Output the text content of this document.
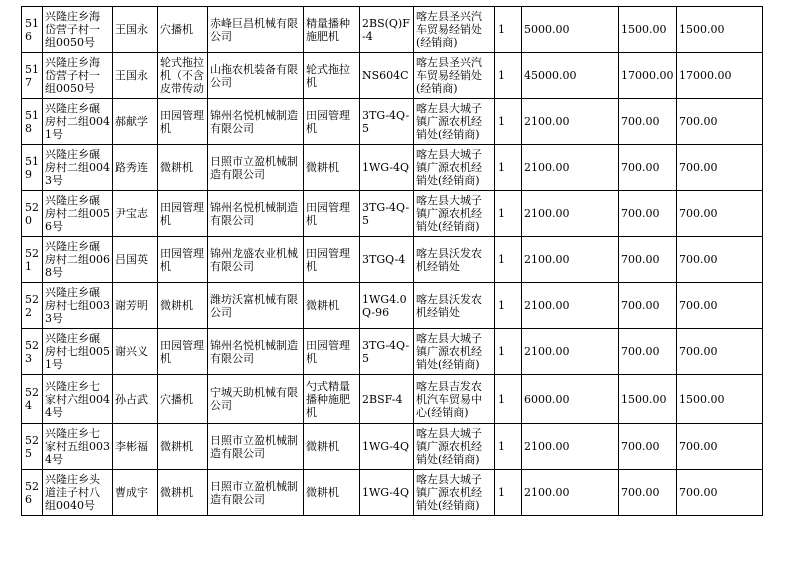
516	兴隆庄乡海岱营子村一组0050号	王国永	穴播机	赤峰巨昌机械有限公司	精量播种施肥机	2BS(Q)F-4	喀左县圣兴汽车贸易经销处(经销商)	1	5000.00	1500.00	1500.00
517	兴隆庄乡海岱营子村一组0050号	王国永	轮式拖拉机（不含皮带传动	山拖农机装备有限公司	轮式拖拉机	NS604C	喀左县圣兴汽车贸易经销处(经销商)	1	45000.00	17000.00	17000.00
518	兴隆庄乡碾房村二组0041号	郝献学	田园管理机	锦州名悦机械制造有限公司	田园管理机	3TG-4Q-5	喀左县大城子镇广源农机经销处(经销商)	1	2100.00	700.00	700.00
519	兴隆庄乡碾房村二组0043号	路秀连	微耕机	日照市立盈机械制造有限公司	微耕机	1WG-4Q	喀左县大城子镇广源农机经销处(经销商)	1	2100.00	700.00	700.00
520	兴隆庄乡碾房村二组0056号	尹宝志	田园管理机	锦州名悦机械制造有限公司	田园管理机	3TG-4Q-5	喀左县大城子镇广源农机经销处(经销商)	1	2100.00	700.00	700.00
521	兴隆庄乡碾房村二组0068号	吕国英	田园管理机	锦州龙盛农业机械有限公司	田园管理机	3TGQ-4	喀左县沃发农机经销处	1	2100.00	700.00	700.00
522	兴隆庄乡碾房村七组0033号	谢芳明	微耕机	潍坊沃富机械有限公司	微耕机	1WG4.0Q-96	喀左县沃发农机经销处	1	2100.00	700.00	700.00
523	兴隆庄乡碾房村七组0051号	谢兴义	田园管理机	锦州名悦机械制造有限公司	田园管理机	3TG-4Q-5	喀左县大城子镇广源农机经销处(经销商)	1	2100.00	700.00	700.00
524	兴隆庄乡七家村六组0044号	孙占武	穴播机	宁城天助机械有限公司	勺式精量播种施肥机	2BSF-4	喀左县吉发农机汽车贸易中心(经销商)	1	6000.00	1500.00	1500.00
525	兴隆庄乡七家村五组0034号	李彬福	微耕机	日照市立盈机械制造有限公司	微耕机	1WG-4Q	喀左县大城子镇广源农机经销处(经销商)	1	2100.00	700.00	700.00
526	兴隆庄乡头道洼子村八组0040号	曹成宇	微耕机	日照市立盈机械制造有限公司	微耕机	1WG-4Q	喀左县大城子镇广源农机经销处(经销商)	1	2100.00	700.00	700.00
